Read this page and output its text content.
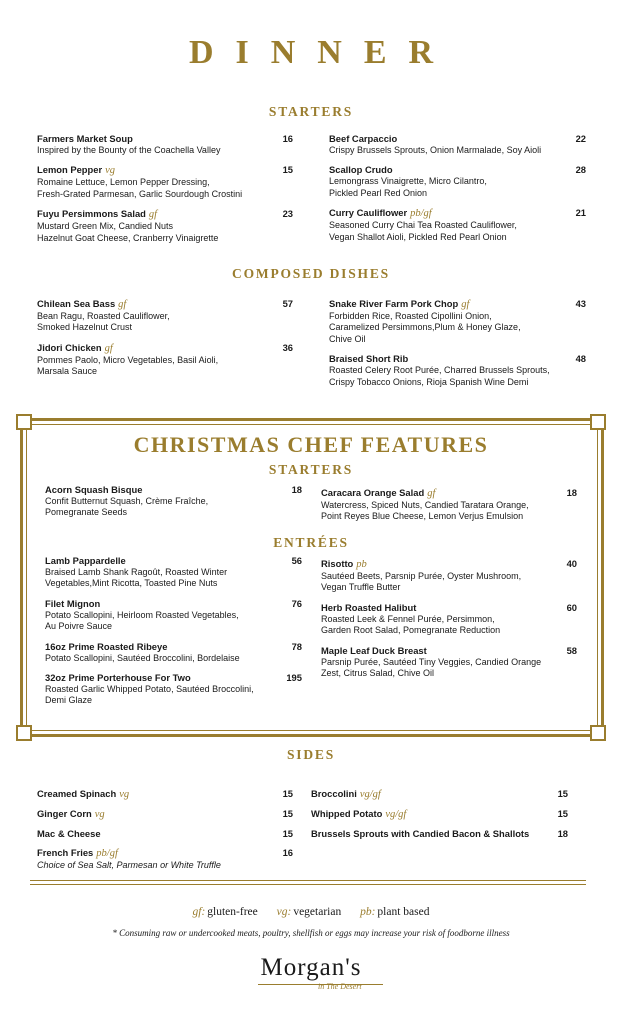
DINNER
STARTERS
Farmers Market Soup	16
Inspired by the Bounty of the Coachella Valley
Lemon Pepper vg	15
Romaine Lettuce, Lemon Pepper Dressing,
Fresh-Grated Parmesan, Garlic Sourdough Crostini
Fuyu Persimmons Salad gf	23
Mustard Green Mix, Candied Nuts
Hazelnut Goat Cheese, Cranberry Vinaigrette
Beef Carpaccio	22
Crispy Brussels Sprouts, Onion Marmalade, Soy Aioli
Scallop Crudo	28
Lemongrass Vinaigrette, Micro Cilantro,
Pickled Pearl Red Onion
Curry Cauliflower pb/gf	21
Seasoned Curry Chai Tea Roasted Cauliflower,
Vegan Shallot Aioli, Pickled Red Pearl Onion
COMPOSED DISHES
Chilean Sea Bass gf	57
Bean Ragu, Roasted Cauliflower,
Smoked Hazelnut Crust
Jidori Chicken gf	36
Pommes Paolo, Micro Vegetables, Basil Aioli,
Marsala Sauce
Snake River Farm Pork Chop gf	43
Forbidden Rice, Roasted Cipollini Onion,
Caramelized Persimmons,Plum & Honey Glaze,
Chive Oil
Braised Short Rib	48
Roasted Celery Root Purée, Charred Brussels Sprouts,
Crispy Tobacco Onions, Rioja Spanish Wine Demi
CHRISTMAS CHEF FEATURES
STARTERS
Acorn Squash Bisque	18
Confit Butternut Squash, Crème Fraîche,
Pomegranate Seeds
Caracara Orange Salad gf	18
Watercress, Spiced Nuts, Candied Taratara Orange,
Point Reyes Blue Cheese, Lemon Verjus Emulsion
ENTRÉES
Lamb Pappardelle	56
Braised Lamb Shank Ragoût, Roasted Winter
Vegetables,Mint Ricotta, Toasted Pine Nuts
Filet Mignon	76
Potato Scallopini, Heirloom Roasted Vegetables,
Au Poivre Sauce
16oz Prime Roasted Ribeye	78
Potato Scallopini, Sautéed Broccolini, Bordelaise
32oz Prime Porterhouse For Two	195
Roasted Garlic Whipped Potato, Sautéed Broccolini,
Demi Glaze
Risotto pb	40
Sautéed Beets, Parsnip Purée, Oyster Mushroom,
Vegan Truffle Butter
Herb Roasted Halibut	60
Roasted Leek & Fennel Purée, Persimmon,
Garden Root Salad, Pomegranate Reduction
Maple Leaf Duck Breast	58
Parsnip Purée, Sautéed Tiny Veggies, Candied Orange
Zest, Citrus Salad, Chive Oil
SIDES
Creamed Spinach vg	15
Ginger Corn vg	15
Mac & Cheese	15
French Fries pb/gf	16
Choice of Sea Salt, Parmesan or White Truffle
Broccolini vg/gf	15
Whipped Potato vg/gf	15
Brussels Sprouts with Candied Bacon & Shallots	18
gf: gluten-free vg: vegetarian pb: plant based
* Consuming raw or undercooked meats, poultry, shellfish or eggs may increase your risk of foodborne illness
Morgan's
in The Desert
